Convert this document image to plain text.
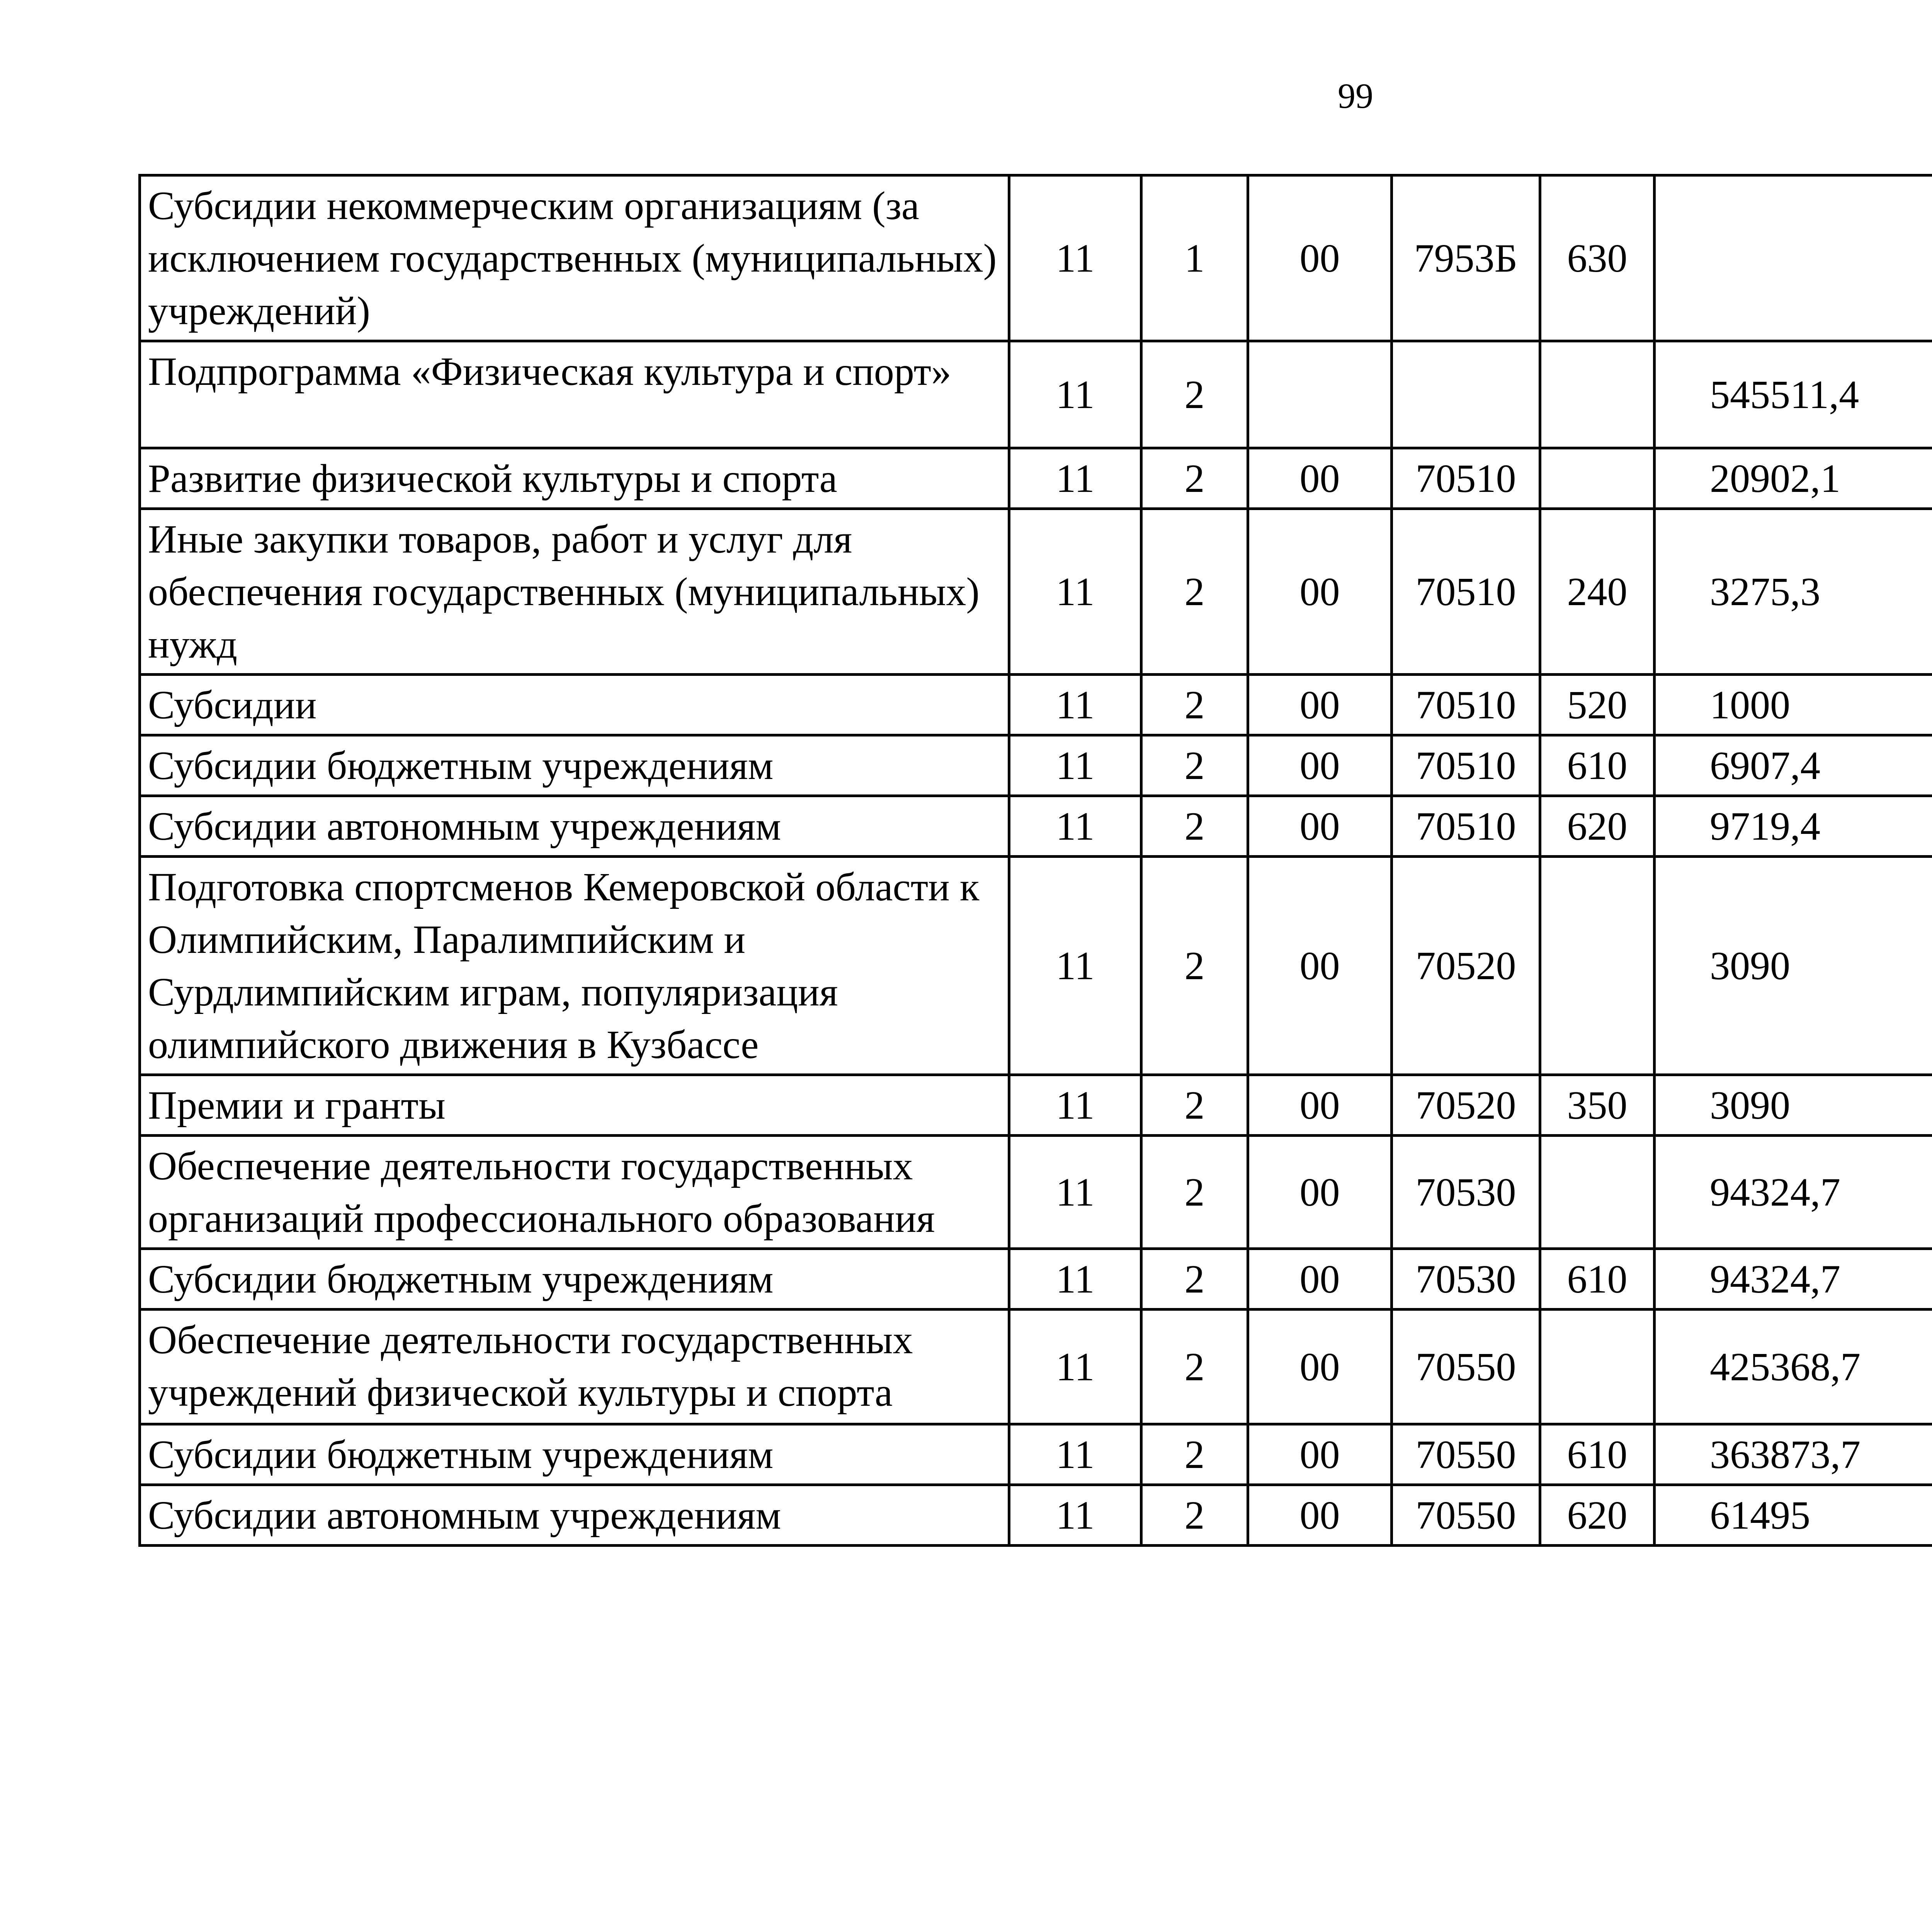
99
Субсидии некоммерческим организациям (за исключением государственных (муниципальных) учреждений)	11	1	00	7953Б	630			
Подпрограмма «Физическая культура и спорт»	11	2				545511,4		
Развитие физической культуры и спорта	11	2	00	70510		20902,1		
Иные закупки товаров, работ и услуг для обеспечения государственных (муниципальных) нужд	11	2	00	70510	240	3275,3		
Субсидии	11	2	00	70510	520	1000		
Субсидии бюджетным учреждениям	11	2	00	70510	610	6907,4		
Субсидии автономным учреждениям	11	2	00	70510	620	9719,4		
Подготовка спортсменов Кемеровской области к Олимпийским, Паралимпийским и Сурдлимпийским играм, популяризация олимпийского движения в Кузбассе	11	2	00	70520		3090		
Премии и гранты	11	2	00	70520	350	3090		
Обеспечение деятельности государственных организаций профессионального образования	11	2	00	70530		94324,7		
Субсидии бюджетным учреждениям	11	2	00	70530	610	94324,7		
Обеспечение деятельности государственных учреждений физической культуры и спорта	11	2	00	70550		425368,7		
Субсидии бюджетным учреждениям	11	2	00	70550	610	363873,7		
Субсидии автономным учреждениям	11	2	00	70550	620	61495		
